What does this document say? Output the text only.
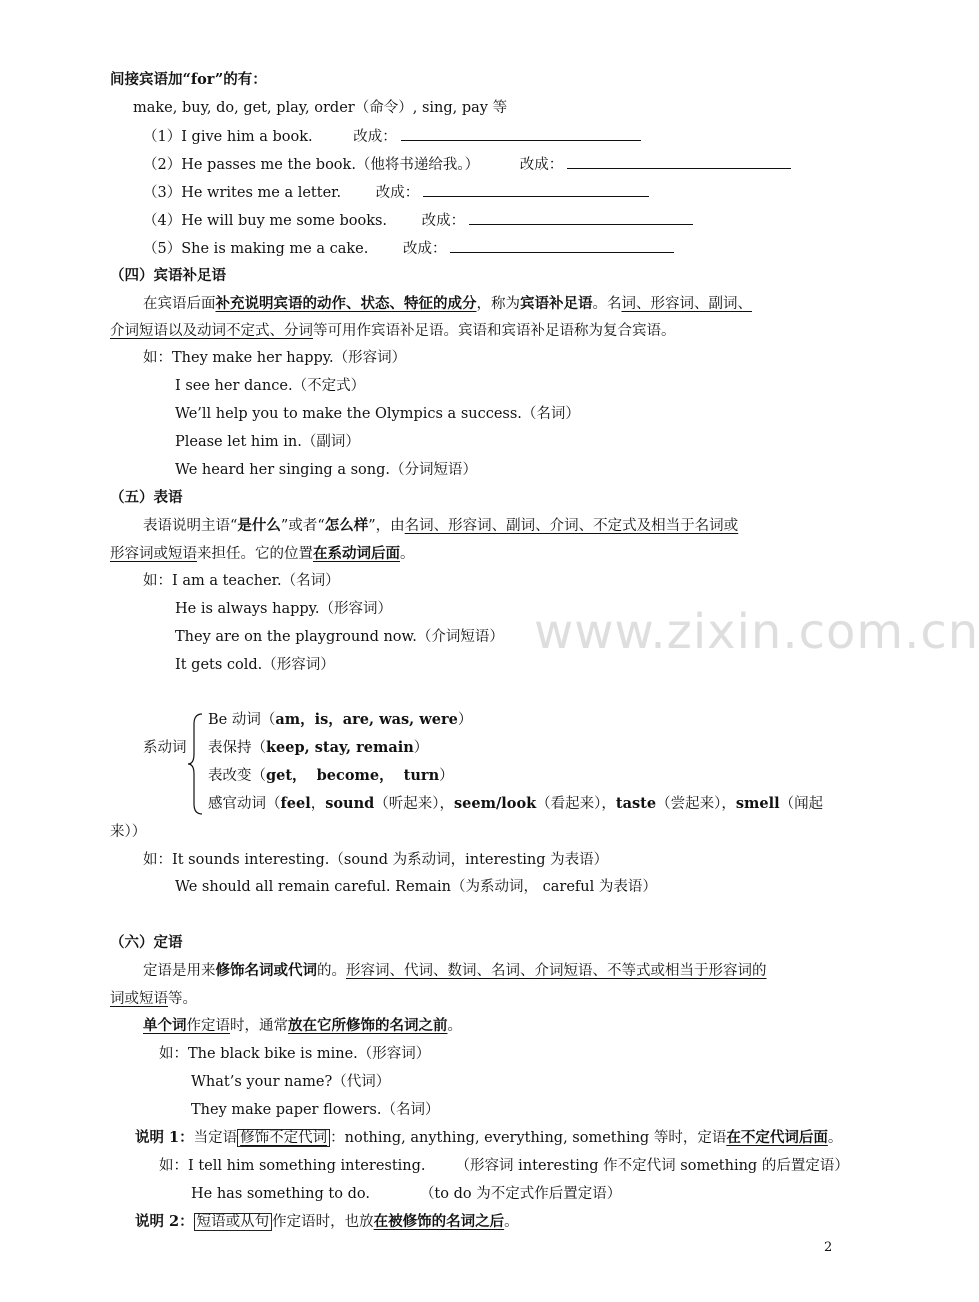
www.zixin.com.cn
间接宾语加“for”的有：
make, buy, do, get, play, order（命令）, sing, pay 等
（1）I give him a book.	改成：
（2）He passes me the book.（他将书递给我。）	改成：
（3）He writes me a letter. 改成：
（4）He will buy me some books. 改成：
（5）She is making me a cake. 改成：
（四）宾语补足语
在宾语后面补充说明宾语的动作、状态、特征的成分，称为宾语补足语。名词、形容词、副词、
介词短语以及动词不定式、分词等可用作宾语补足语。宾语和宾语补足语称为复合宾语。
如：They make her happy.（形容词）
I see her dance.（不定式）
We’ll help you to make the Olympics a success.（名词）
Please let him in.（副词）
We heard her singing a song.（分词短语）
（五）表语
表语说明主语“是什么”或者“怎么样”，由名词、形容词、副词、介词、不定式及相当于名词或
形容词或短语来担任。它的位置在系动词后面。
如：I am a teacher.（名词）
He is always happy.（形容词）
They are on the playground now.（介词短语）
It gets cold.（形容词）
系动词
Be 动词（am，is，are, was, were）
表保持（keep, stay, remain）
表改变（get，  become，  turn）
感官动词（feel，sound（听起来），seem/look（看起来），taste（尝起来），smell（闻起
来））
如：It sounds interesting.（sound 为系动词，interesting 为表语）
We should all remain careful. Remain（为系动词， careful 为表语）
（六）定语
定语是用来修饰名词或代词的。形容词、代词、数词、名词、介词短语、不等式或相当于形容词的
词或短语等。
单个词作定语时，通常放在它所修饰的名词之前。
如：The black bike is mine.（形容词）
What’s your name?（代词）
They make paper flowers.（名词）
说明 1：当定语 修饰不定代词 ：nothing, anything, everything, something 等时，定语在不定代词后面。
如：I tell him something interesting. （形容词 interesting 作不定代词 something 的后置定语）
He has something to do.	（to do 为不定式作后置定语）
说明 2： 短语或从句 作定语时，也放在被修饰的名词之后。
2
